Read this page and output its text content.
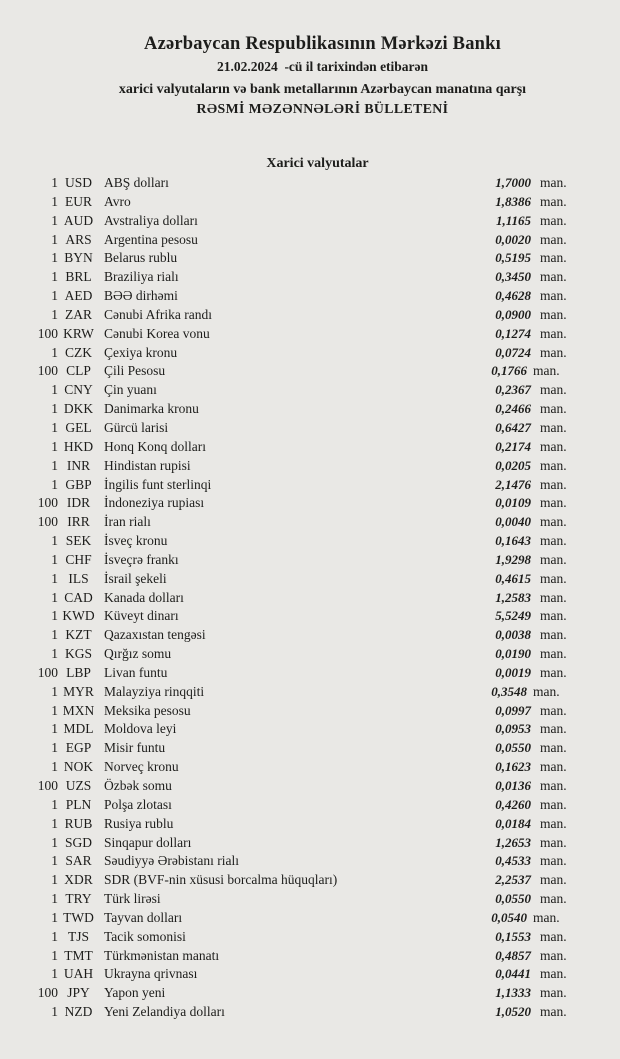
Azərbaycan Respublikasının Mərkəzi Bankı
21.02.2024  -cü il tarixindən etibarən
xarici valyutaların və bank metallarının Azərbaycan manatına qarşı
RƏSMİ MƏZƏNNƏLƏRİ BÜLLETENİ
Xarici valyutalar
1 USD ABŞ dolları	1,7000 man.
1 EUR Avro	1,8386 man.
1 AUD Avstraliya dolları	1,1165 man.
1 ARS Argentina pesosu	0,0020 man.
1 BYN Belarus rublu	0,5195 man.
1 BRL Braziliya rialı	0,3450 man.
1 AED BƏƏ dirhəmi	0,4628 man.
1 ZAR Cənubi Afrika randı	0,0900 man.
100 KRW Cənubi Korea vonu	0,1274 man.
1 CZK Çexiya kronu	0,0724 man.
100 CLP Çili Pesosu	0,1766 man.
1 CNY Çin yuanı	0,2367 man.
1 DKK Danimarka kronu	0,2466 man.
1 GEL Gürcü larisi	0,6427 man.
1 HKD Honq Konq dolları	0,2174 man.
1 INR	Hindistan rupisi	0,0205 man.
1 GBP İngilis funt sterlinqi	2,1476 man.
100 IDR	İndoneziya rupiası	0,0109 man.
100 IRR	İran rialı	0,0040 man.
1 SEK İsveç kronu	0,1643 man.
1 CHF İsveçrə frankı	1,9298 man.
1 ILS	İsrail şekeli	0,4615 man.
1 CAD Kanada dolları	1,2583 man.
1 KWD Küveyt dinarı	5,5249 man.
1 KZT Qazaxıstan tengəsi	0,0038 man.
1 KGS Qırğız somu	0,0190 man.
100 LBP Livan funtu	0,0019 man.
1 MYR Malayziya rinqqiti	0,3548 man.
1 MXN Meksika pesosu	0,0997 man.
1 MDL Moldova leyi	0,0953 man.
1 EGP Misir funtu	0,0550 man.
1 NOK Norveç kronu	0,1623 man.
100 UZS Özbək somu	0,0136 man.
1 PLN Polşa zlotası	0,4260 man.
1 RUB Rusiya rublu	0,0184 man.
1 SGD Sinqapur dolları	1,2653 man.
1 SAR Səudiyyə Ərəbistanı rialı	0,4533 man.
1 XDR SDR (BVF-nin xüsusi borcalma hüquqları)	2,2537 man.
1 TRY Türk lirəsi	0,0550 man.
1 TWD Tayvan dolları	0,0540 man.
1 TJS	Tacik somonisi	0,1553 man.
1 TMT Türkmənistan manatı	0,4857 man.
1 UAH Ukrayna qrivnası	0,0441 man.
100 JPY	Yapon yeni	1,1333 man.
1 NZD Yeni Zelandiya dolları	1,0520 man.
